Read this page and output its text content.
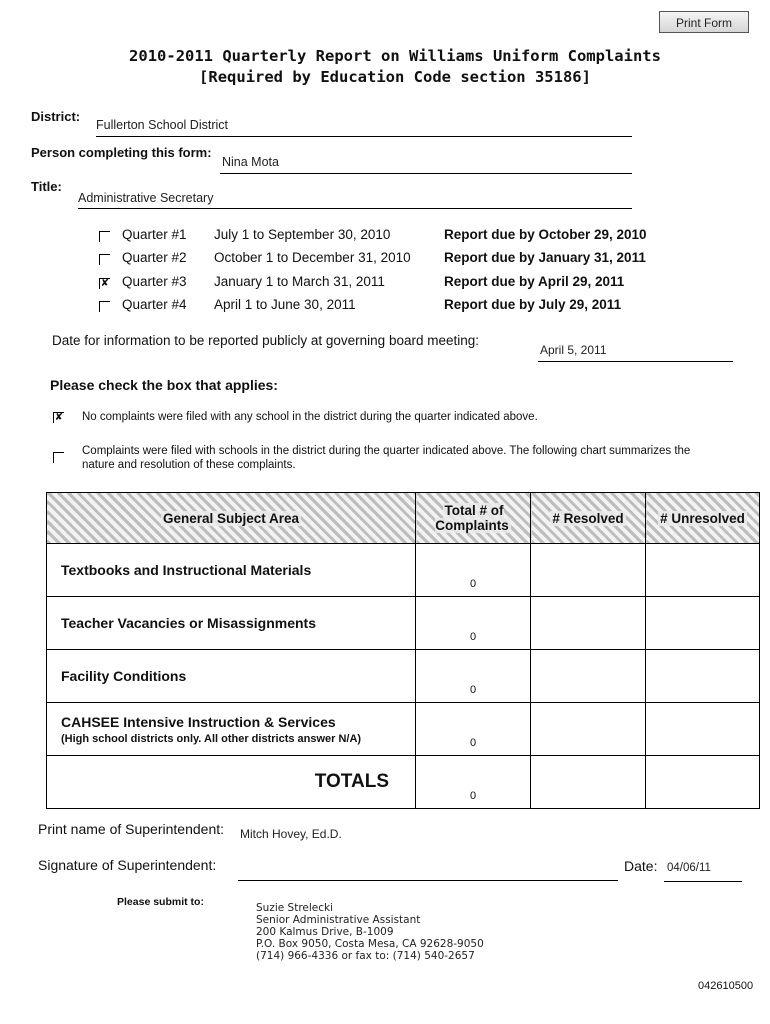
Print Form
2010-2011 Quarterly Report on Williams Uniform Complaints
[Required by Education Code section 35186]
District:
Fullerton School District
Person completing this form:
Nina Mota
Title:
Administrative Secretary
Quarter #1 July 1 to September 30, 2010	Report due by October 29, 2010
Quarter #2 October 1 to December 31, 2010 Report due by January 31, 2011
✘ Quarter #3 January 1 to March 31, 2011	Report due by April 29, 2011
Quarter #4 April 1 to June 30, 2011	Report due by July 29, 2011
Date for information to be reported publicly at governing board meeting:
April 5, 2011
Please check the box that applies:
✘ No complaints were filed with any school in the district during the quarter indicated above.
Complaints were filed with schools in the district during the quarter indicated above. The following chart summarizes the
nature and resolution of these complaints.
General Subject Area	Total # of Complaints	# Resolved	# Unresolved
Textbooks and Instructional Materials	0		
Teacher Vacancies or Misassignments	0		
Facility Conditions	0		
CAHSEE Intensive Instruction & Services
(High school districts only. All other districts answer N/A)	0		
TOTALS	0		
Print name of Superintendent: Mitch Hovey, Ed.D.
Signature of Superintendent:	Date: 04/06/11
Please submit to:	Suzie Strelecki
Senior Administrative Assistant
200 Kalmus Drive, B-1009
P.O. Box 9050, Costa Mesa, CA 92628-9050
(714) 966-4336 or fax to: (714) 540-2657
042610500
